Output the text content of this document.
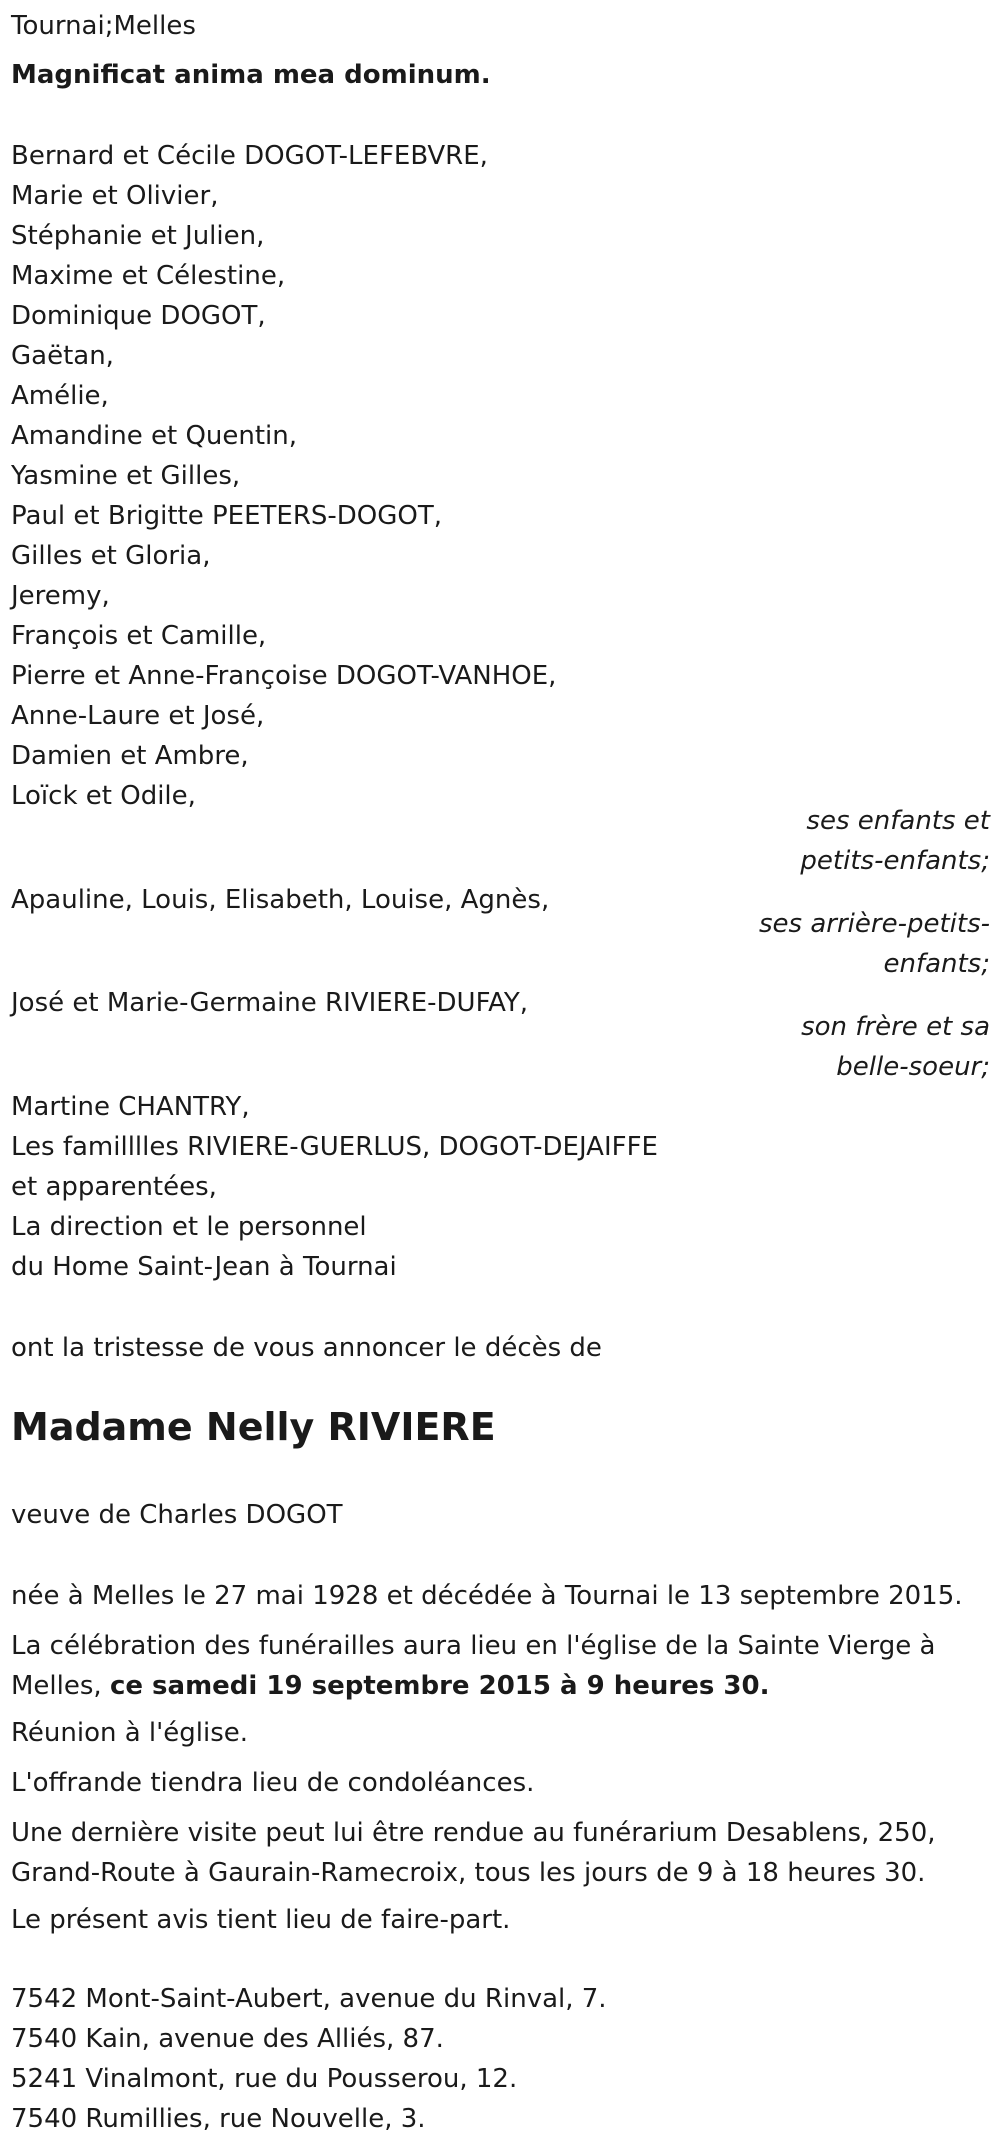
Tournai;Melles
Magnificat anima mea dominum.
Bernard et Cécile DOGOT-LEFEBVRE,
Marie et Olivier,
Stéphanie et Julien,
Maxime et Célestine,
Dominique DOGOT,
Gaëtan,
Amélie,
Amandine et Quentin,
Yasmine et Gilles,
Paul et Brigitte PEETERS-DOGOT,
Gilles et Gloria,
Jeremy,
François et Camille,
Pierre et Anne-Françoise DOGOT-VANHOE,
Anne-Laure et José,
Damien et Ambre,
Loïck et Odile,
ses enfants et
petits-enfants;
Apauline, Louis, Elisabeth, Louise, Agnès,
ses arrière-petits-
enfants;
José et Marie-Germaine RIVIERE-DUFAY,
son frère et sa
belle-soeur;
Martine CHANTRY,
Les familllles RIVIERE-GUERLUS, DOGOT-DEJAIFFE
et apparentées,
La direction et le personnel
du Home Saint-Jean à Tournai
ont la tristesse de vous annoncer le décès de
Madame Nelly RIVIERE
veuve de Charles DOGOT
née à Melles le 27 mai 1928 et décédée à Tournai le 13 septembre 2015.
La célébration des funérailles aura lieu en l'église de la Sainte Vierge à Melles, ce samedi 19 septembre 2015 à 9 heures 30.
Réunion à l'église.
L'offrande tiendra lieu de condoléances.
Une dernière visite peut lui être rendue au funérarium Desablens, 250, Grand-Route à Gaurain-Ramecroix, tous les jours de 9 à 18 heures 30.
Le présent avis tient lieu de faire-part.
7542 Mont-Saint-Aubert, avenue du Rinval, 7.
7540 Kain, avenue des Alliés, 87.
5241 Vinalmont, rue du Pousserou, 12.
7540 Rumillies, rue Nouvelle, 3.
